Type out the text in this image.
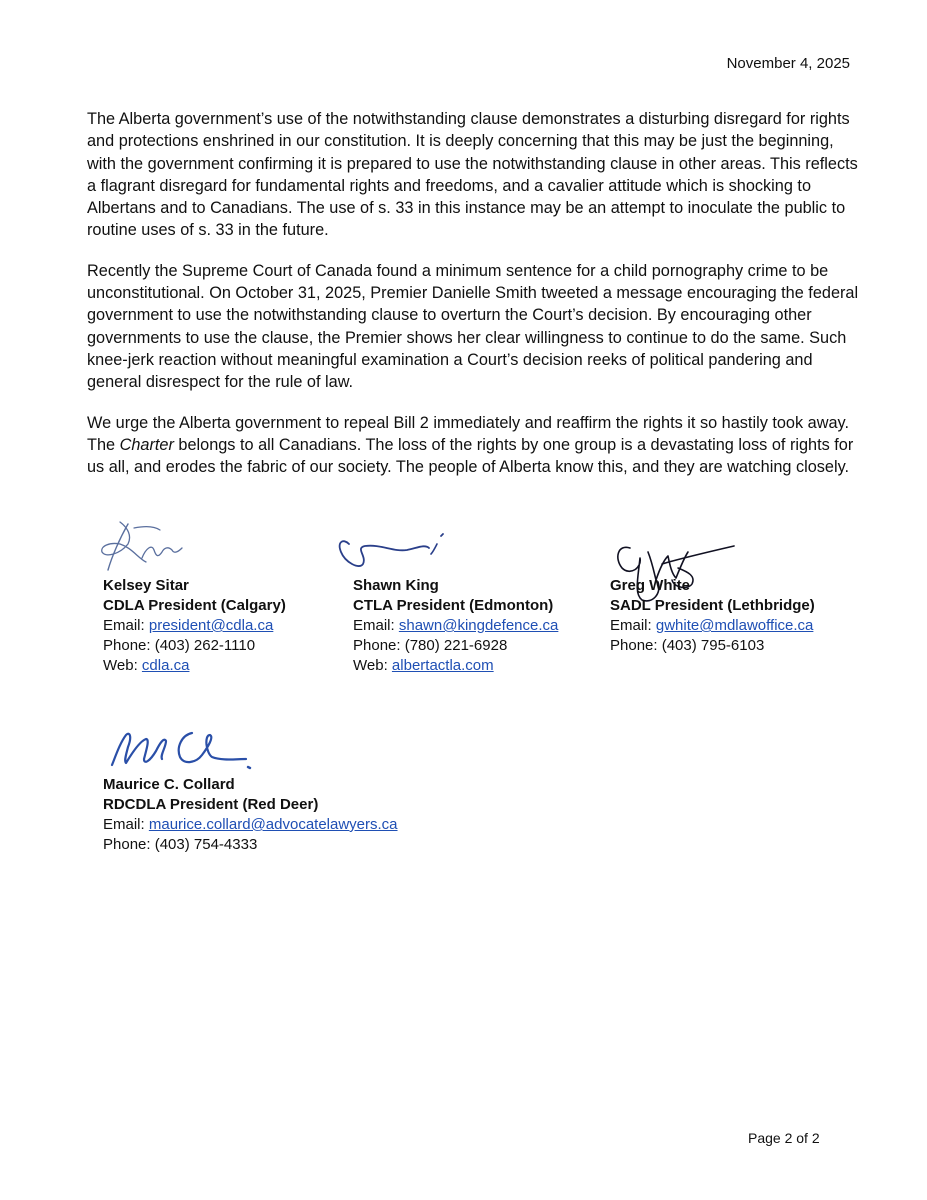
November 4, 2025

The Alberta government’s use of the notwithstanding clause demonstrates a disturbing disregard for rights and protections enshrined in our constitution. It is deeply concerning that this may be just the beginning, with the government confirming it is prepared to use the notwithstanding clause in other areas. This reflects a flagrant disregard for fundamental rights and freedoms, and a cavalier attitude which is shocking to Albertans and to Canadians. The use of s. 33 in this instance may be an attempt to inoculate the public to routine uses of s. 33 in the future.

Recently the Supreme Court of Canada found a minimum sentence for a child pornography crime to be unconstitutional. On October 31, 2025, Premier Danielle Smith tweeted a message encouraging the federal government to use the notwithstanding clause to overturn the Court’s decision. By encouraging other governments to use the clause, the Premier shows her clear willingness to continue to do the same. Such knee-jerk reaction without meaningful examination a Court’s decision reeks of political pandering and general disrespect for the rule of law.

We urge the Alberta government to repeal Bill 2 immediately and reaffirm the rights it so hastily took away. The Charter belongs to all Canadians. The loss of the rights by one group is a devastating loss of rights for us all, and erodes the fabric of our society. The people of Alberta know this, and they are watching closely.

Kelsey Sitar
CDLA President (Calgary)
Email: president@cdla.ca
Phone: (403) 262-1110
Web: cdla.ca
Shawn King
CTLA President (Edmonton)
Email: shawn@kingdefence.ca
Phone: (780) 221-6928
Web: albertactla.com
Greg White
SADL President (Lethbridge)
Email: gwhite@mdlawoffice.ca
Phone: (403) 795-6103
Maurice C. Collard
RDCDLA President (Red Deer)
Email: maurice.collard@advocatelawyers.ca
Phone: (403) 754-4333
Page 2 of 2
